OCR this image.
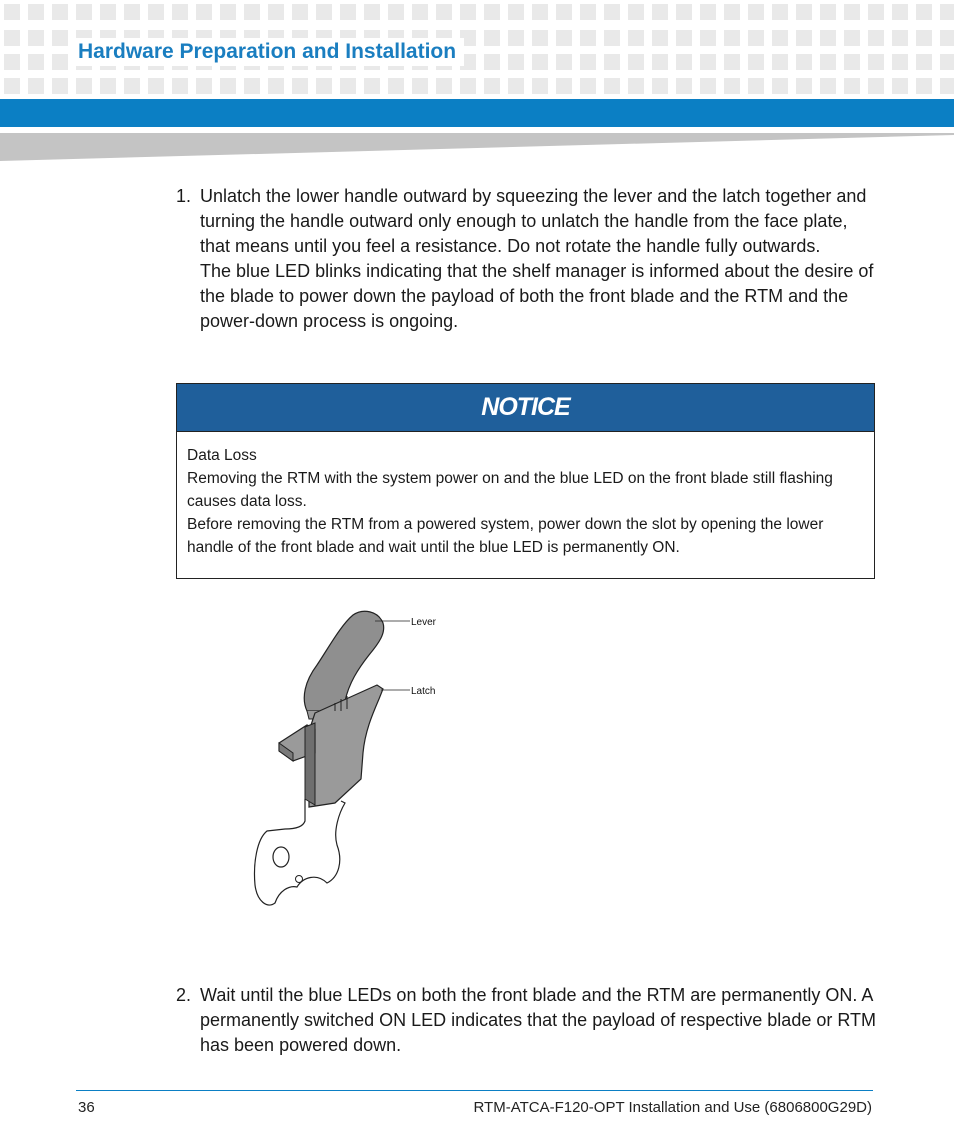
Hardware Preparation and Installation
1. Unlatch the lower handle outward by squeezing the lever and the latch together and turning the handle outward only enough to unlatch the handle from the face plate, that means until you feel a resistance. Do not rotate the handle fully outwards.

The blue LED blinks indicating that the shelf manager is informed about the desire of the blade to power down the payload of both the front blade and the RTM and the power-down process is ongoing.

NOTICE
Data Loss
Removing the RTM with the system power on and the blue LED on the front blade still flashing causes data loss.
Before removing the RTM from a powered system, power down the slot by opening the lower handle of the front blade and wait until the blue LED is permanently ON.
Lever
Latch
2. Wait until the blue LEDs on both the front blade and the RTM are permanently ON. A permanently switched ON LED indicates that the payload of respective blade or RTM has been powered down.

36	RTM-ATCA-F120-OPT Installation and Use (6806800G29D)
